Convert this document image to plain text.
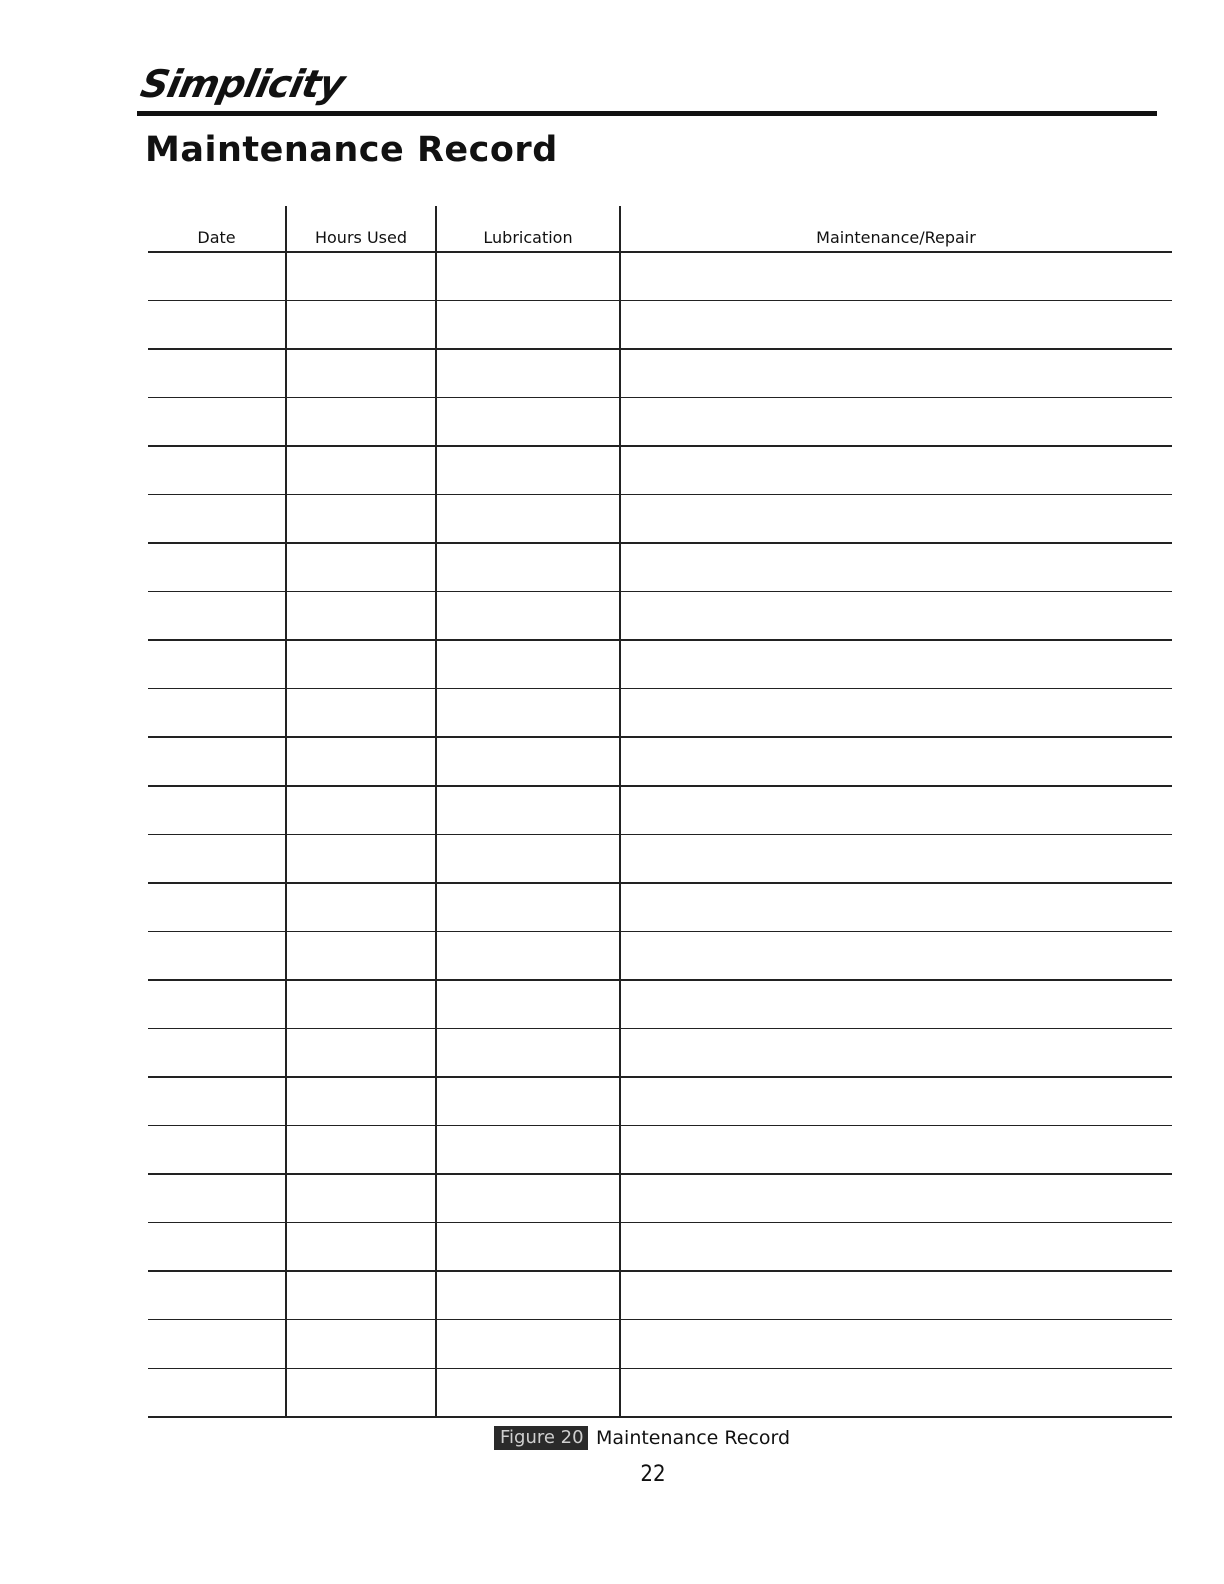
Simplicity
Maintenance Record
Date	Hours Used	Lubrication	Maintenance/Repair
Figure 20 Maintenance Record
22
